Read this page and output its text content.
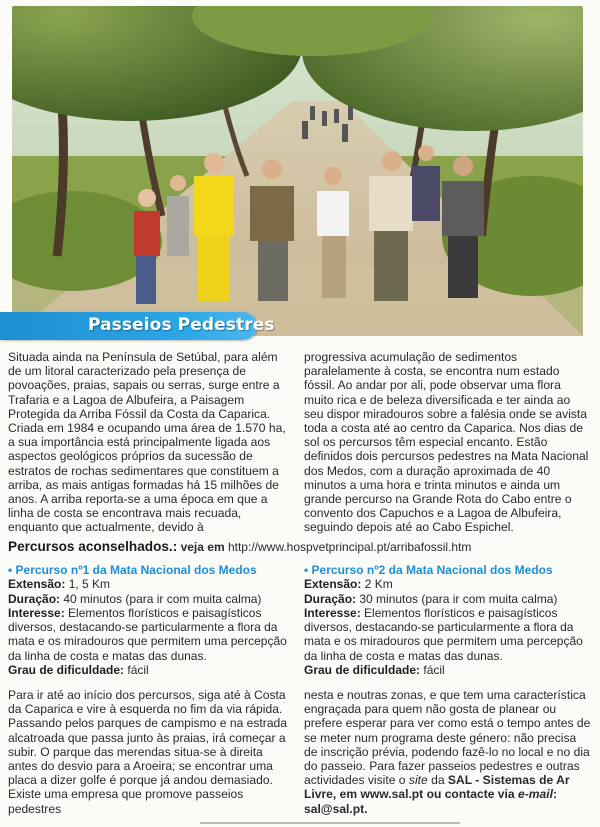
Passeios Pedestres

Situada ainda na Península de Setúbal, para além de um litoral caracterizado pela presença de povoações, praias, sapais ou serras, surge entre a Trafaria e a Lagoa de Albufeira, a Paisagem Protegida da Arriba Fóssil da Costa da Caparica. Criada em 1984 e ocupando uma área de 1.570 ha, a sua importância está principalmente ligada aos aspectos geológicos próprios da sucessão de estratos de rochas sedimentares que constituem a arriba, as mais antigas formadas há 15 milhões de anos. A arriba reporta-se a uma época em que a linha de costa se encontrava mais recuada, enquanto que actualmente, devido à

progressiva acumulação de sedimentos paralelamente à costa, se encontra num estado fóssil. Ao andar por ali, pode observar uma flora muito rica e de beleza diversificada e ter ainda ao seu dispor miradouros sobre a falésia onde se avista toda a costa até ao centro da Caparica. Nos dias de sol os percursos têm especial encanto. Estão definidos dois percursos pedestres na Mata Nacional dos Medos, com a duração aproximada de 40 minutos a uma hora e trinta minutos e ainda um grande percurso na Grande Rota do Cabo entre o convento dos Capuchos e a Lagoa de Albufeira, seguindo depois até ao Cabo Espichel.

Percursos aconselhados.: veja em http://www.hospvetprincipal.pt/arribafossil.htm
• Percurso nº1 da Mata Nacional dos Medos
Extensão: 1, 5 Km
Duração: 40 minutos (para ir com muita calma)
Interesse: Elementos florísticos e paisagísticos diversos, destacando-se particularmente a flora da mata e os miradouros que permitem uma percepção da linha de costa e matas das dunas.
Grau de dificuldade: fácil
• Percurso nº2 da Mata Nacional dos Medos
Extensão: 2 Km
Duração: 30 minutos (para ir com muita calma)
Interesse: Elementos florísticos e paisagísticos diversos, destacando-se particularmente a flora da mata e os miradouros que permitem uma percepção da linha de costa e matas das dunas.
Grau de dificuldade: fácil

Para ir até ao início dos percursos, siga até à Costa da Caparica e vire à esquerda no fim da via rápida. Passando pelos parques de campismo e na estrada alcatroada que passa junto às praias, irá começar a subir. O parque das merendas situa-se à direita antes do desvio para a Aroeira; se encontrar uma placa a dizer golfe é porque já andou demasiado. Existe uma empresa que promove passeios pedestres

nesta e noutras zonas, e que tem uma característica engraçada para quem não gosta de planear ou prefere esperar para ver como está o tempo antes de se meter num programa deste género: não precisa de inscrição prévia, podendo fazê-lo no local e no dia do passeio. Para fazer passeios pedestres e outras actividades visite o site da SAL - Sistemas de Ar Livre, em www.sal.pt ou contacte via e-mail: sal@sal.pt.
